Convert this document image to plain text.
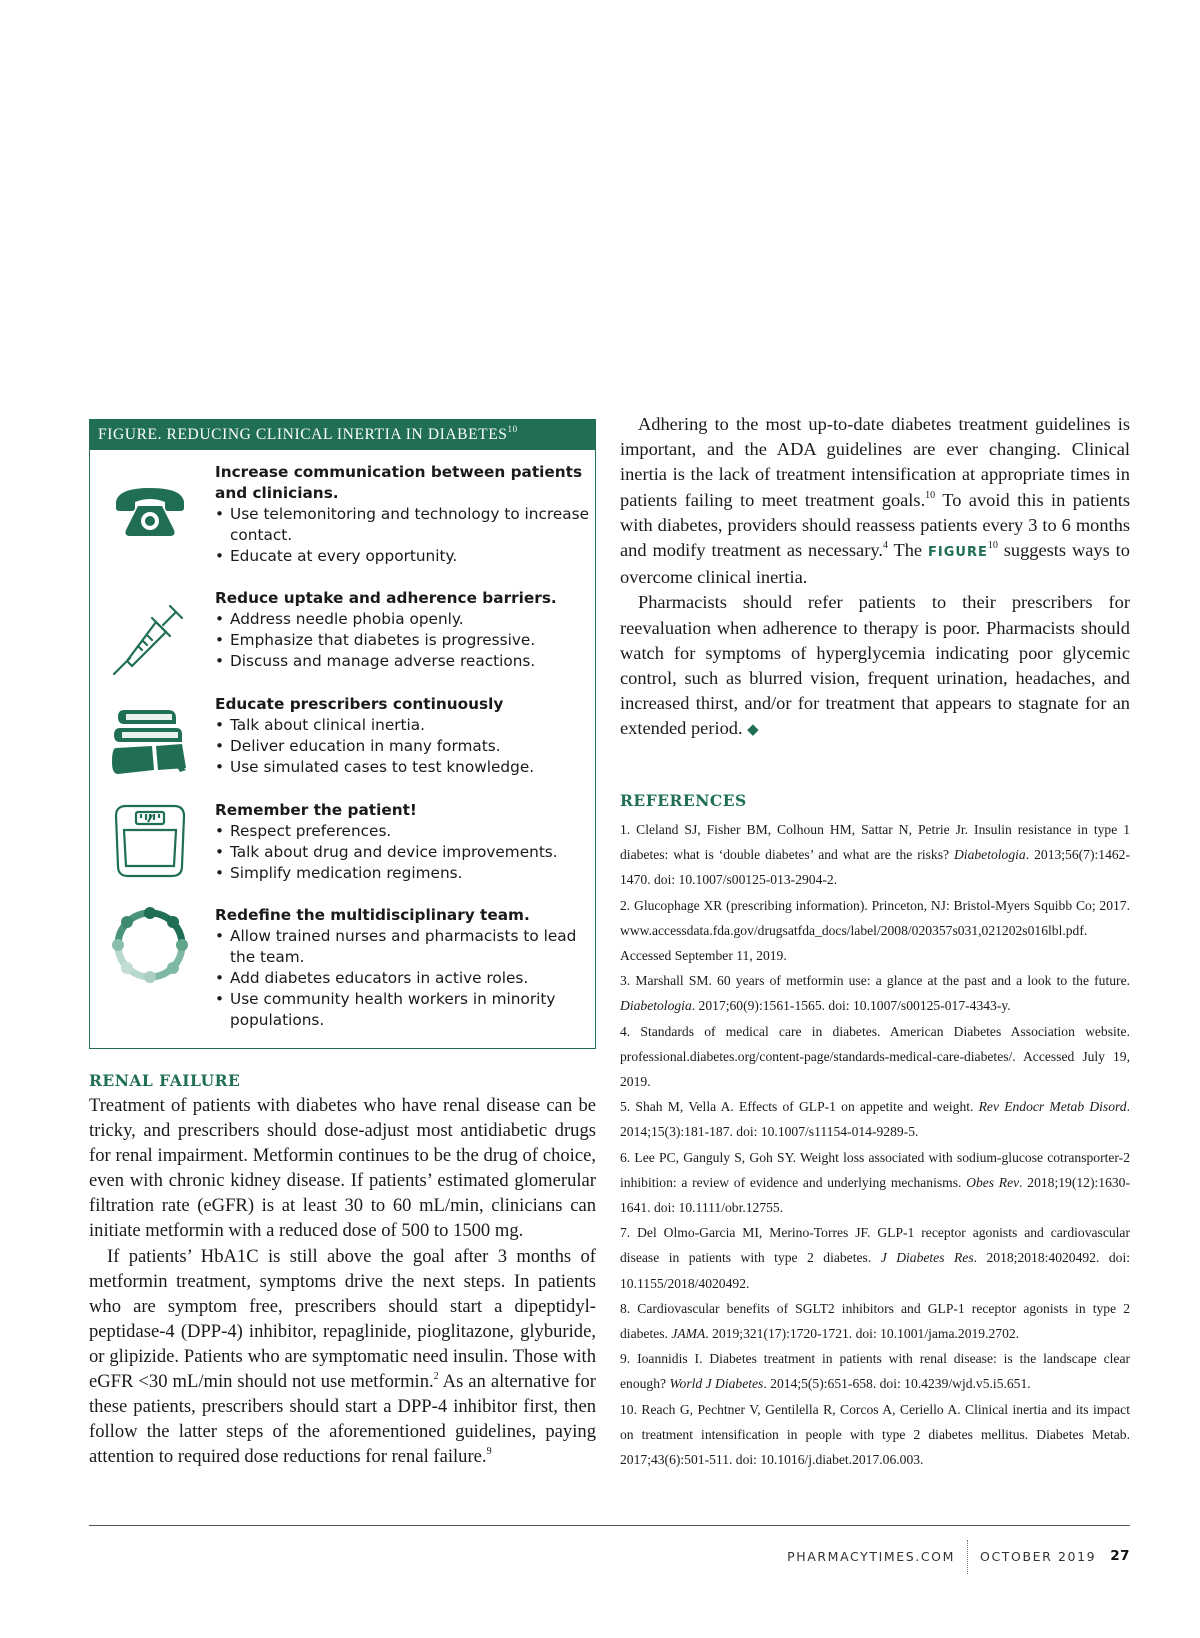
FIGURE. REDUCING CLINICAL INERTIA IN DIABETES$^{10}$
Increase communication between patients and clinicians.
• Use telemonitoring and technology to increase contact.
• Educate at every opportunity.
Reduce uptake and adherence barriers.
• Address needle phobia openly.
• Emphasize that diabetes is progressive.
• Discuss and manage adverse reactions.
Educate prescribers continuously
• Talk about clinical inertia.
• Deliver education in many formats.
• Use simulated cases to test knowledge.
Remember the patient!
• Respect preferences.
• Talk about drug and device improvements.
• Simplify medication regimens.
Redefine the multidisciplinary team.
• Allow trained nurses and pharmacists to lead the team.
• Add diabetes educators in active roles.
• Use community health workers in minority populations.
RENAL FAILURE

Treatment of patients with diabetes who have renal disease can be tricky, and prescribers should dose-adjust most antidiabetic drugs for renal impairment. Metformin continues to be the drug of choice, even with chronic kidney disease. If patients’ estimated glomerular filtration rate (eGFR) is at least 30 to 60 mL/min, clinicians can initiate metformin with a reduced dose of 500 to 1500 mg.

If patients’ HbA1C is still above the goal after 3 months of metformin treatment, symptoms drive the next steps. In patients who are symptom free, prescribers should start a dipeptidyl-peptidase-4 (DPP-4) inhibitor, repaglinide, pioglitazone, glyburide, or glipizide. Patients who are symptomatic need insulin. Those with eGFR <30 mL/min should not use metformin.$^2$ As an alternative for these patients, prescribers should start a DPP-4 inhibitor first, then follow the latter steps of the aforementioned guidelines, paying attention to required dose reductions for renal failure.$^9$

Adhering to the most up-to-date diabetes treatment guidelines is important, and the ADA guidelines are ever changing. Clinical inertia is the lack of treatment intensification at appropriate times in patients failing to meet treatment goals.$^{10}$ To avoid this in patients with diabetes, providers should reassess patients every 3 to 6 months and modify treatment as necessary.$^4$ The FIGURE$^{10}$ suggests ways to overcome clinical inertia.

Pharmacists should refer patients to their prescribers for reevaluation when adherence to therapy is poor. Pharmacists should watch for symptoms of hyperglycemia indicating poor glycemic control, such as blurred vision, frequent urination, headaches, and increased thirst, and/or for treatment that appears to stagnate for an extended period. ◆

REFERENCES
1. Cleland SJ, Fisher BM, Colhoun HM, Sattar N, Petrie Jr. Insulin resistance in type 1 diabetes: what is ‘double diabetes’ and what are the risks? Diabetologia. 2013;56(7):1462-1470. doi: 10.1007/s00125-013-2904-2.
2. Glucophage XR (prescribing information). Princeton, NJ: Bristol-Myers Squibb Co; 2017. www.accessdata.fda.gov/drugsatfda_docs/label/2008/020357s031,021202s016lbl.pdf. Accessed September 11, 2019.
3. Marshall SM. 60 years of metformin use: a glance at the past and a look to the future. Diabetologia. 2017;60(9):1561-1565. doi: 10.1007/s00125-017-4343-y.
4. Standards of medical care in diabetes. American Diabetes Association website. professional.diabetes.org/content-page/standards-medical-care-diabetes/. Accessed July 19, 2019.
5. Shah M, Vella A. Effects of GLP-1 on appetite and weight. Rev Endocr Metab Disord. 2014;15(3):181-187. doi: 10.1007/s11154-014-9289-5.
6. Lee PC, Ganguly S, Goh SY. Weight loss associated with sodium-glucose cotransporter-2 inhibition: a review of evidence and underlying mechanisms. Obes Rev. 2018;19(12):1630-1641. doi: 10.1111/obr.12755.
7. Del Olmo-Garcia MI, Merino-Torres JF. GLP-1 receptor agonists and cardiovascular disease in patients with type 2 diabetes. J Diabetes Res. 2018;2018:4020492. doi: 10.1155/2018/4020492.
8. Cardiovascular benefits of SGLT2 inhibitors and GLP-1 receptor agonists in type 2 diabetes. JAMA. 2019;321(17):1720-1721. doi: 10.1001/jama.2019.2702.
9. Ioannidis I. Diabetes treatment in patients with renal disease: is the landscape clear enough? World J Diabetes. 2014;5(5):651-658. doi: 10.4239/wjd.v5.i5.651.
10. Reach G, Pechtner V, Gentilella R, Corcos A, Ceriello A. Clinical inertia and its impact on treatment intensification in people with type 2 diabetes mellitus. Diabetes Metab. 2017;43(6):501-511. doi: 10.1016/j.diabet.2017.06.003.
PHARMACYTIMES.COM OCTOBER 2019 27
